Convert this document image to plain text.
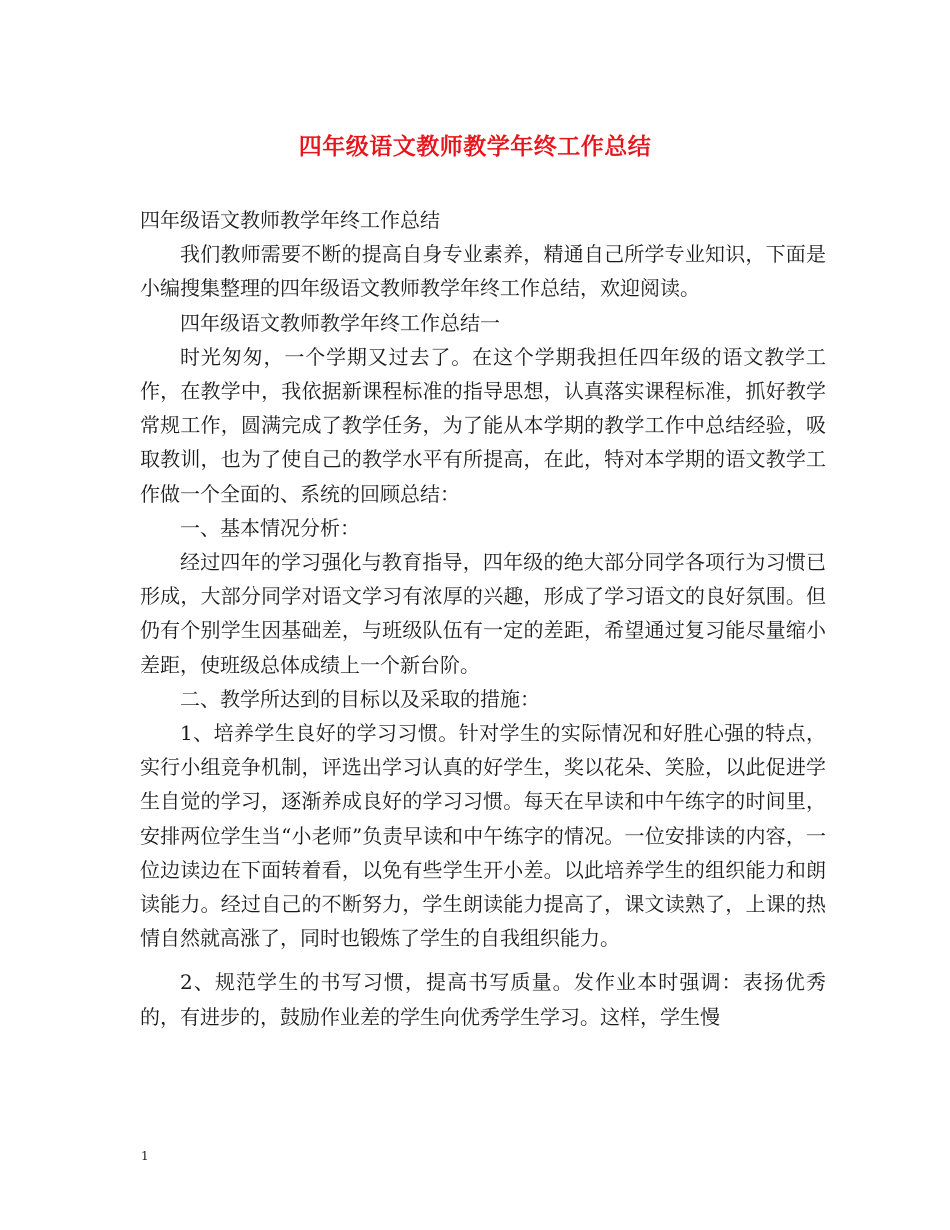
四年级语文教师教学年终工作总结

四年级语文教师教学年终工作总结

我们教师需要不断的提高自身专业素养，精通自己所学专业知识，下面是小编搜集整理的四年级语文教师教学年终工作总结，欢迎阅读。

四年级语文教师教学年终工作总结一

时光匆匆，一个学期又过去了。在这个学期我担任四年级的语文教学工作，在教学中，我依据新课程标准的指导思想，认真落实课程标准，抓好教学常规工作，圆满完成了教学任务，为了能从本学期的教学工作中总结经验，吸取教训，也为了使自己的教学水平有所提高，在此，特对本学期的语文教学工作做一个全面的、系统的回顾总结：

一、基本情况分析：

经过四年的学习强化与教育指导，四年级的绝大部分同学各项行为习惯已形成，大部分同学对语文学习有浓厚的兴趣，形成了学习语文的良好氛围。但仍有个别学生因基础差，与班级队伍有一定的差距，希望通过复习能尽量缩小差距，使班级总体成绩上一个新台阶。

二、教学所达到的目标以及采取的措施：

1、培养学生良好的学习习惯。针对学生的实际情况和好胜心强的特点，实行小组竞争机制，评选出学习认真的好学生，奖以花朵、笑脸，以此促进学生自觉的学习，逐渐养成良好的学习习惯。每天在早读和中午练字的时间里，安排两位学生当“小老师”负责早读和中午练字的情况。一位安排读的内容，一位边读边在下面转着看，以免有些学生开小差。以此培养学生的组织能力和朗读能力。经过自己的不断努力，学生朗读能力提高了，课文读熟了，上课的热情自然就高涨了，同时也锻炼了学生的自我组织能力。

2、规范学生的书写习惯，提高书写质量。发作业本时强调：表扬优秀的，有进步的，鼓励作业差的学生向优秀学生学习。这样，学生慢

1
